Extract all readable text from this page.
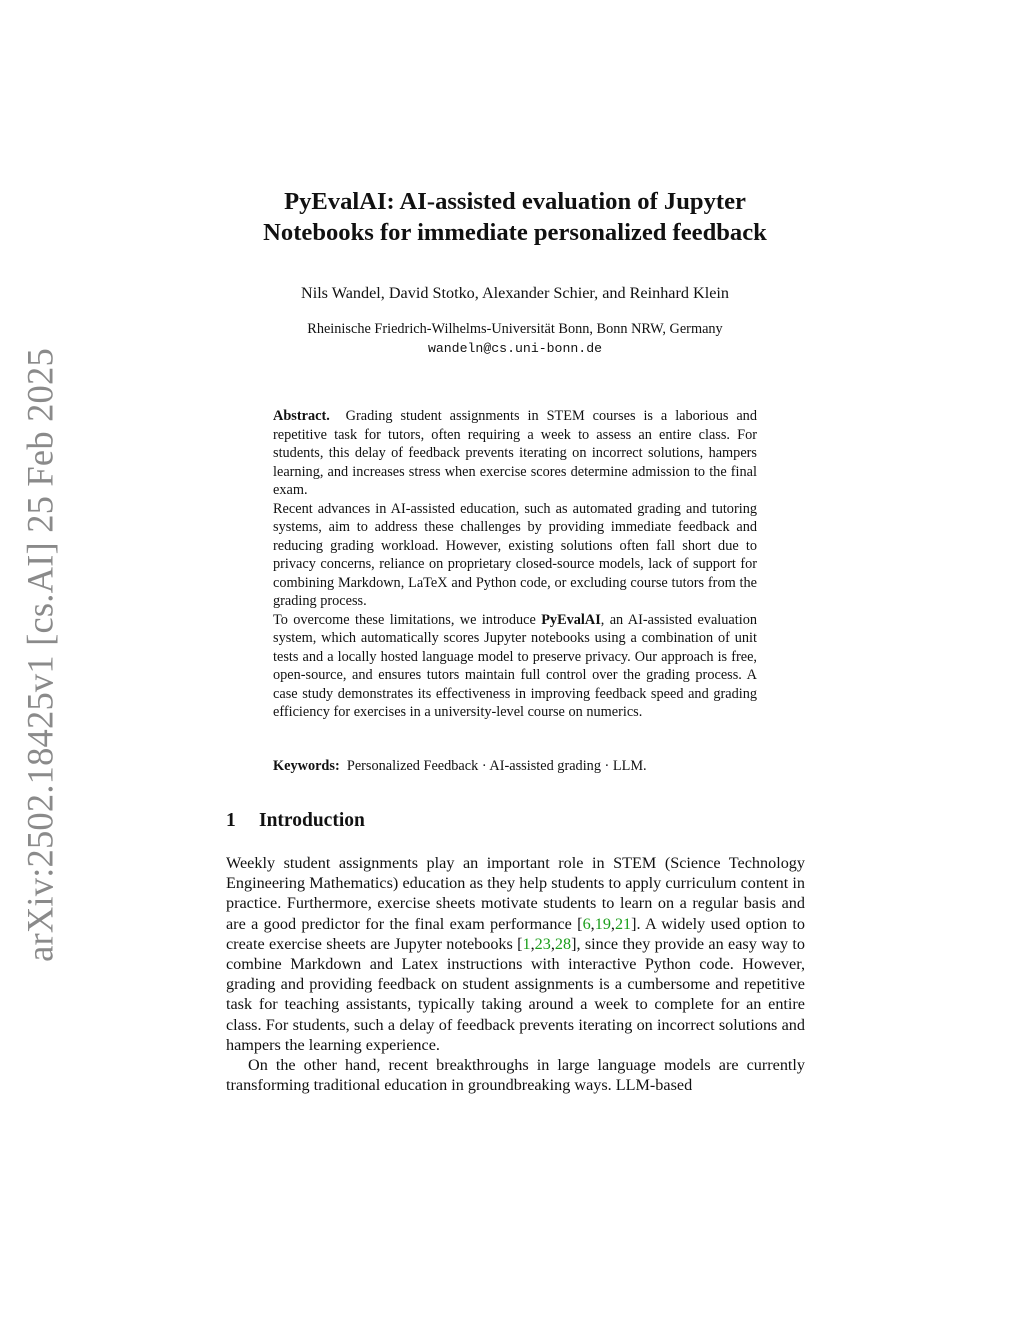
arXiv:2502.18425v1 [cs.AI] 25 Feb 2025
PyEvalAI: AI-assisted evaluation of Jupyter
Notebooks for immediate personalized feedback
Nils Wandel, David Stotko, Alexander Schier, and Reinhard Klein
Rheinische Friedrich-Wilhelms-Universität Bonn, Bonn NRW, Germany
wandeln@cs.uni-bonn.de

Abstract. Grading student assignments in STEM courses is a laborious and repetitive task for tutors, often requiring a week to assess an entire class. For students, this delay of feedback prevents iterating on incorrect solutions, hampers learning, and increases stress when exercise scores determine admission to the final exam.

Recent advances in AI-assisted education, such as automated grading and tutoring systems, aim to address these challenges by providing immediate feedback and reducing grading workload. However, existing solutions often fall short due to privacy concerns, reliance on proprietary closed-source models, lack of support for combining Markdown, LaTeX and Python code, or excluding course tutors from the grading process.

To overcome these limitations, we introduce PyEvalAI, an AI-assisted evaluation system, which automatically scores Jupyter notebooks using a combination of unit tests and a locally hosted language model to preserve privacy. Our approach is free, open-source, and ensures tutors maintain full control over the grading process. A case study demonstrates its effectiveness in improving feedback speed and grading efficiency for exercises in a university-level course on numerics.

Keywords: Personalized Feedback · AI-assisted grading · LLM.
1 Introduction

Weekly student assignments play an important role in STEM (Science Technology Engineering Mathematics) education as they help students to apply curriculum content in practice. Furthermore, exercise sheets motivate students to learn on a regular basis and are a good predictor for the final exam performance [6,19,21]. A widely used option to create exercise sheets are Jupyter notebooks [1,23,28], since they provide an easy way to combine Markdown and Latex instructions with interactive Python code. However, grading and providing feedback on student assignments is a cumbersome and repetitive task for teaching assistants, typically taking around a week to complete for an entire class. For students, such a delay of feedback prevents iterating on incorrect solutions and hampers the learning experience.

On the other hand, recent breakthroughs in large language models are currently transforming traditional education in groundbreaking ways. LLM-based
